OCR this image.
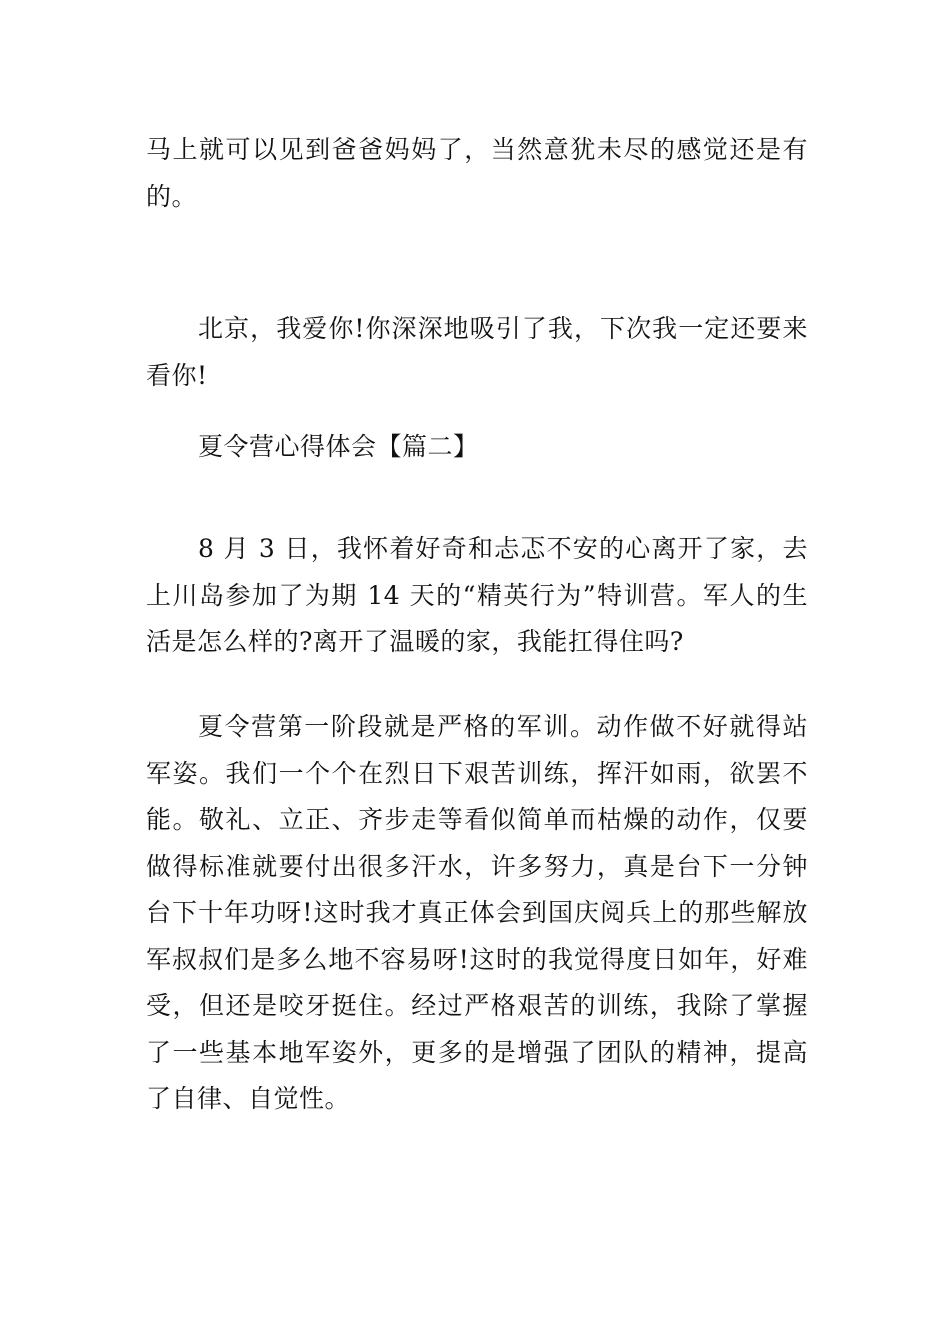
马上就可以见到爸爸妈妈了，当然意犹未尽的感觉还是有的。

北京，我爱你!你深深地吸引了我，下次我一定还要来看你!

夏令营心得体会【篇二】

8 月 3 日，我怀着好奇和忐忑不安的心离开了家，去上川岛参加了为期 14 天的“精英行为”特训营。军人的生活是怎么样的?离开了温暖的家，我能扛得住吗?

夏令营第一阶段就是严格的军训。动作做不好就得站军姿。我们一个个在烈日下艰苦训练，挥汗如雨，欲罢不能。敬礼、立正、齐步走等看似简单而枯燥的动作，仅要做得标准就要付出很多汗水，许多努力，真是台下一分钟台下十年功呀!这时我才真正体会到国庆阅兵上的那些解放军叔叔们是多么地不容易呀!这时的我觉得度日如年，好难受，但还是咬牙挺住。经过严格艰苦的训练，我除了掌握了一些基本地军姿外，更多的是增强了团队的精神，提高了自律、自觉性。
